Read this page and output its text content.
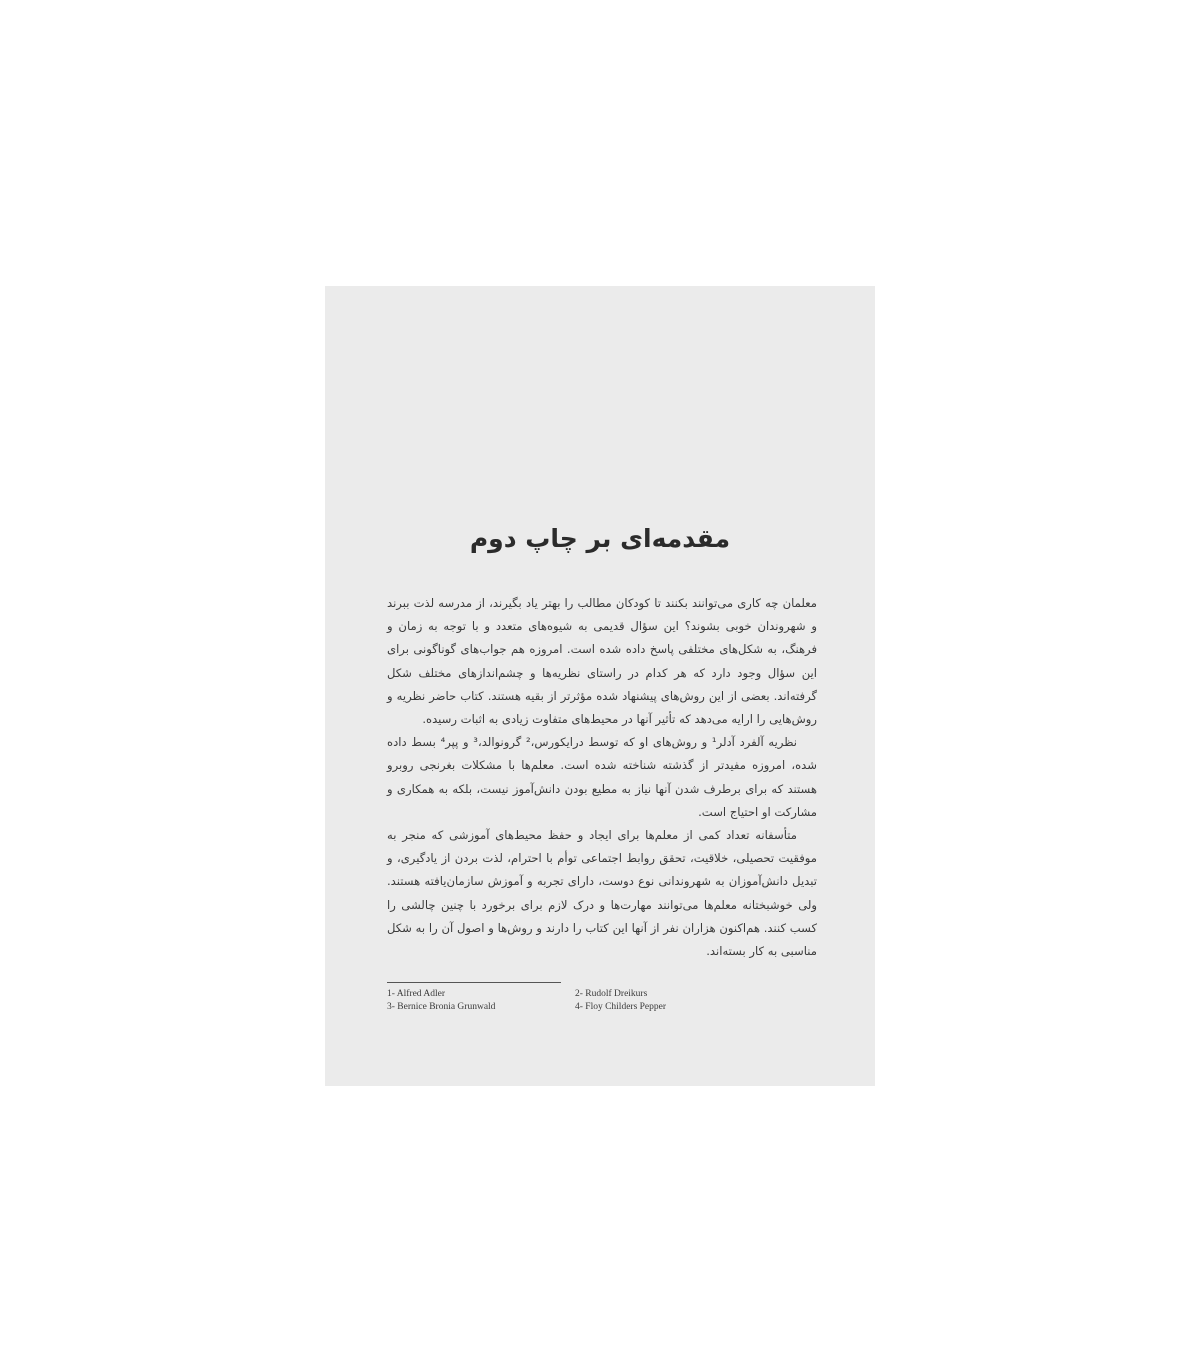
مقدمه‌ای بر چاپ دوم

معلمان چه کاری می‌توانند بکنند تا کودکان مطالب را بهتر یاد بگیرند، از مدرسه لذت ببرند و شهروندان خوبی بشوند؟ این سؤال قدیمی به شیوه‌های متعدد و با توجه به زمان و فرهنگ، به شکل‌های مختلفی پاسخ داده شده است. امروزه هم جواب‌های گوناگونی برای این سؤال وجود دارد که هر کدام در راستای نظریه‌ها و چشم‌اندازهای مختلف شکل گرفته‌اند. بعضی از این روش‌های پیشنهاد شده مؤثرتر از بقیه هستند. کتاب حاضر نظریه و روش‌هایی را ارایه می‌دهد که تأثیر آنها در محیط‌های متفاوت زیادی به اثبات رسیده.

نظریه آلفرد آدلر¹ و روش‌های او که توسط درایکورس،² گرونوالد،³ و پپر⁴ بسط داده شده، امروزه مفیدتر از گذشته شناخته شده است. معلم‌ها با مشکلات بغرنجی روبرو هستند که برای برطرف شدن آنها نیاز به مطیع بودن دانش‌آموز نیست، بلکه به همکاری و مشارکت او احتیاج است.

متأسفانه تعداد کمی از معلم‌ها برای ایجاد و حفظ محیط‌های آموزشی که منجر به موفقیت تحصیلی، خلاقیت، تحقق روابط اجتماعی توأم با احترام، لذت بردن از یادگیری، و تبدیل دانش‌آموزان به شهروندانی نوع دوست، دارای تجربه و آموزش سازمان‌یافته هستند. ولی خوشبختانه معلم‌ها می‌توانند مهارت‌ها و درک لازم برای برخورد با چنین چالشی را کسب کنند. هم‌اکنون هزاران نفر از آنها این کتاب را دارند و روش‌ها و اصول آن را به شکل مناسبی به کار بسته‌اند.

1- Alfred Adler	2- Rudolf Dreikurs
3- Bernice Bronia Grunwald	4- Floy Childers Pepper
